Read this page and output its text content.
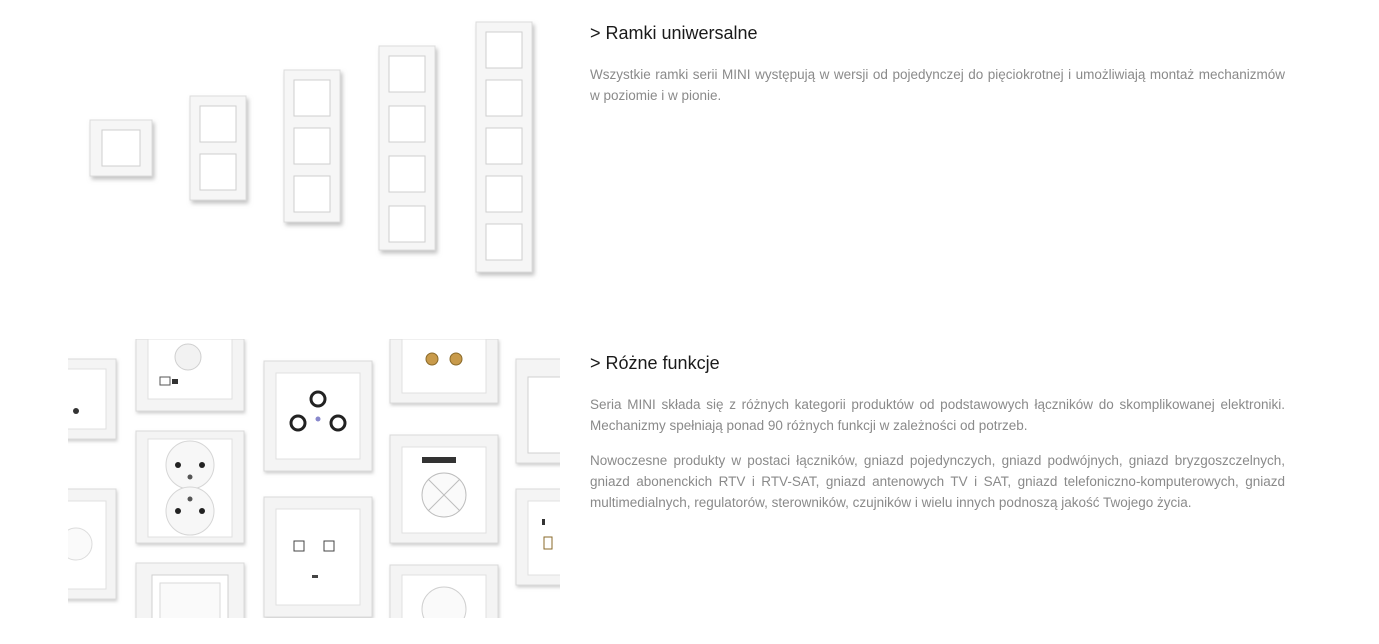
> Ramki uniwersalne

Wszystkie ramki serii MINI występują w wersji od pojedynczej do pięciokrotnej i umożliwiają montaż mechanizmów w poziomie i w pionie.

> Różne funkcje

Seria MINI składa się z różnych kategorii produktów od podstawowych łączników do skomplikowanej elektroniki. Mechanizmy spełniają ponad 90 różnych funkcji w zależności od potrzeb.

Nowoczesne produkty w postaci łączników, gniazd pojedynczych, gniazd podwójnych, gniazd bryzgoszczelnych, gniazd abonenckich RTV i RTV-SAT, gniazd antenowych TV i SAT, gniazd telefoniczno-komputerowych, gniazd multimedialnych, regulatorów, sterowników, czujników i wielu innych podnoszą jakość Twojego życia.
